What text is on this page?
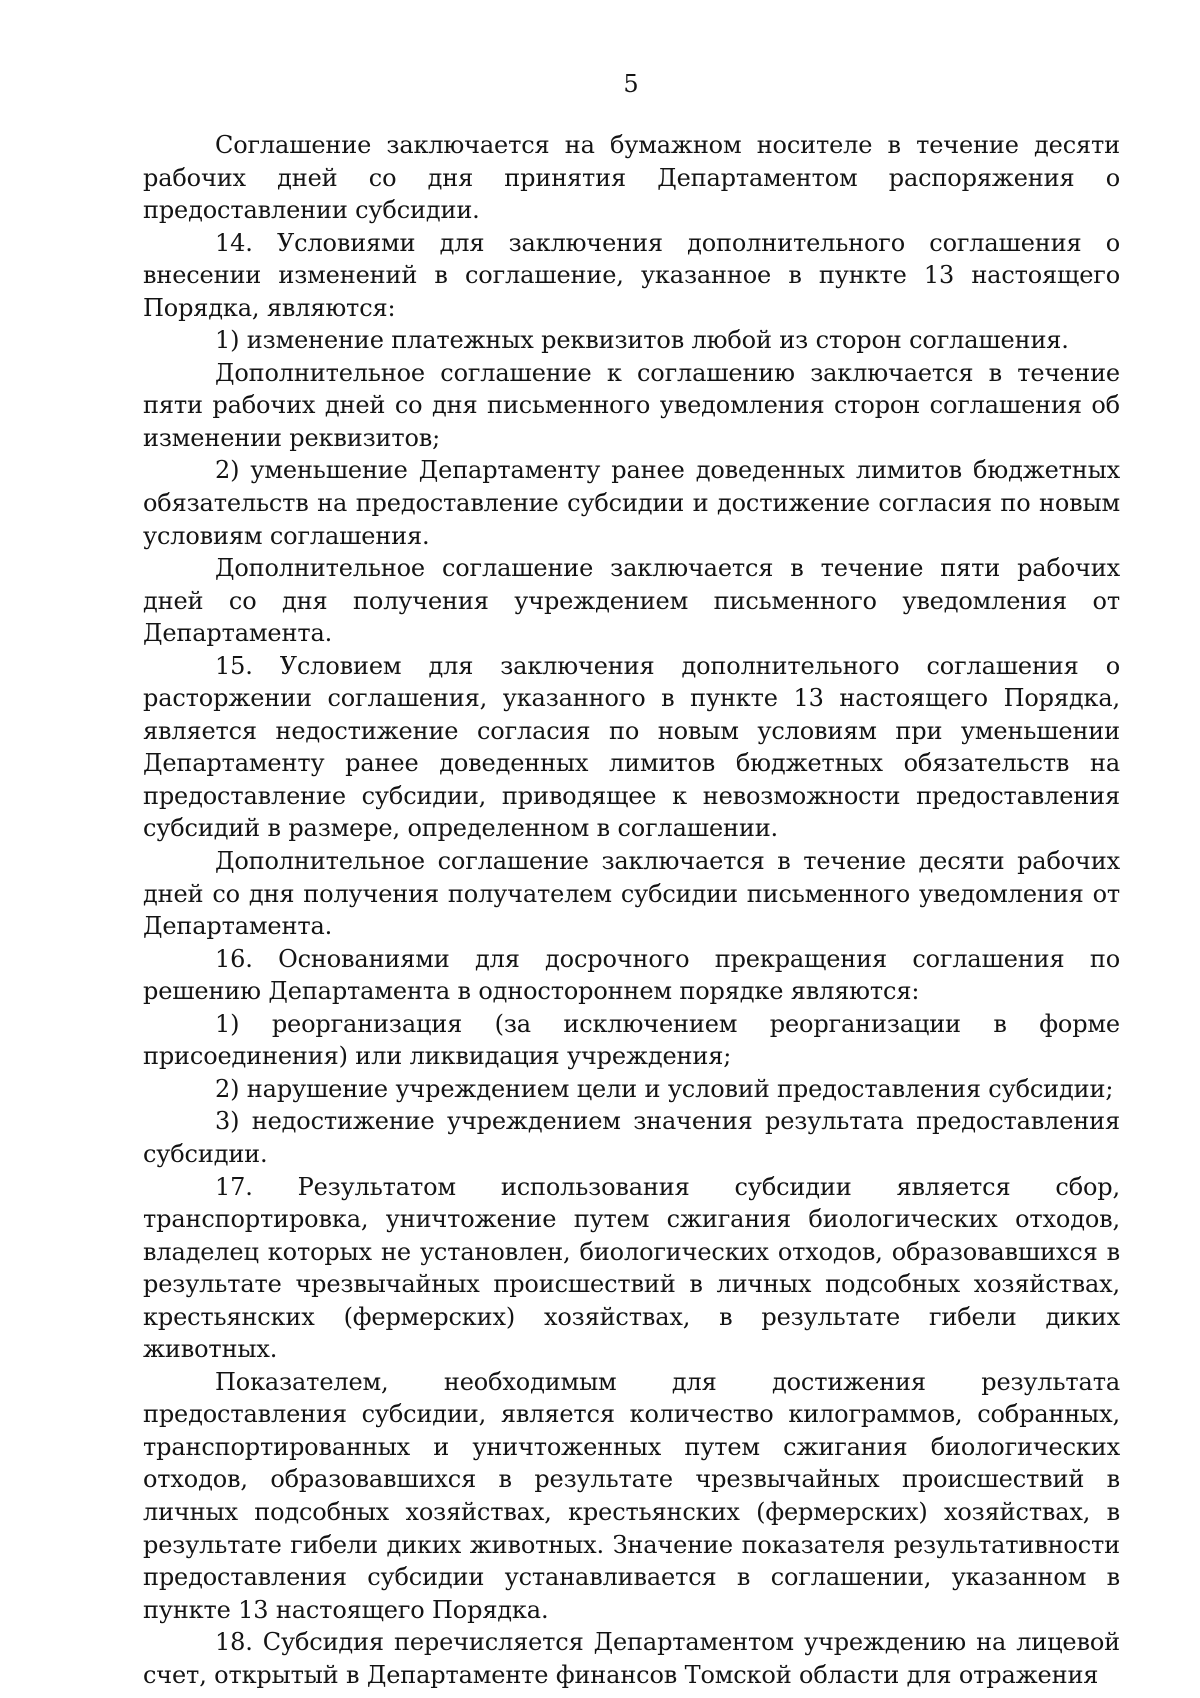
5

Соглашение заключается на бумажном носителе в течение десяти рабочих дней со дня принятия Департаментом распоряжения о предоставлении субсидии.

14. Условиями для заключения дополнительного соглашения о внесении изменений в соглашение, указанное в пункте 13 настоящего Порядка, являются:

1) изменение платежных реквизитов любой из сторон соглашения.

Дополнительное соглашение к соглашению заключается в течение пяти рабочих дней со дня письменного уведомления сторон соглашения об изменении реквизитов;

2) уменьшение Департаменту ранее доведенных лимитов бюджетных обязательств на предоставление субсидии и достижение согласия по новым условиям соглашения.

Дополнительное соглашение заключается в течение пяти рабочих дней со дня получения учреждением письменного уведомления от Департамента.

15. Условием для заключения дополнительного соглашения о расторжении соглашения, указанного в пункте 13 настоящего Порядка, является недостижение согласия по новым условиям при уменьшении Департаменту ранее доведенных лимитов бюджетных обязательств на предоставление субсидии, приводящее к невозможности предоставления субсидий в размере, определенном в соглашении.

Дополнительное соглашение заключается в течение десяти рабочих дней со дня получения получателем субсидии письменного уведомления от Департамента.

16. Основаниями для досрочного прекращения соглашения по решению Департамента в одностороннем порядке являются:

1) реорганизация (за исключением реорганизации в форме присоединения) или ликвидация учреждения;

2) нарушение учреждением цели и условий предоставления субсидии;

3) недостижение учреждением значения результата предоставления субсидии.

17. Результатом использования субсидии является сбор, транспортировка, уничтожение путем сжигания биологических отходов, владелец которых не установлен, биологических отходов, образовавшихся в результате чрезвычайных происшествий в личных подсобных хозяйствах, крестьянских (фермерских) хозяйствах, в результате гибели диких животных.

Показателем, необходимым для достижения результата предоставления субсидии, является количество килограммов, собранных, транспортированных и уничтоженных путем сжигания биологических отходов, образовавшихся в результате чрезвычайных происшествий в личных подсобных хозяйствах, крестьянских (фермерских) хозяйствах, в результате гибели диких животных. Значение показателя результативности предоставления субсидии устанавливается в соглашении, указанном в пункте 13 настоящего Порядка.

18. Субсидия перечисляется Департаментом учреждению на лицевой счет, открытый в Департаменте финансов Томской области для отражения
